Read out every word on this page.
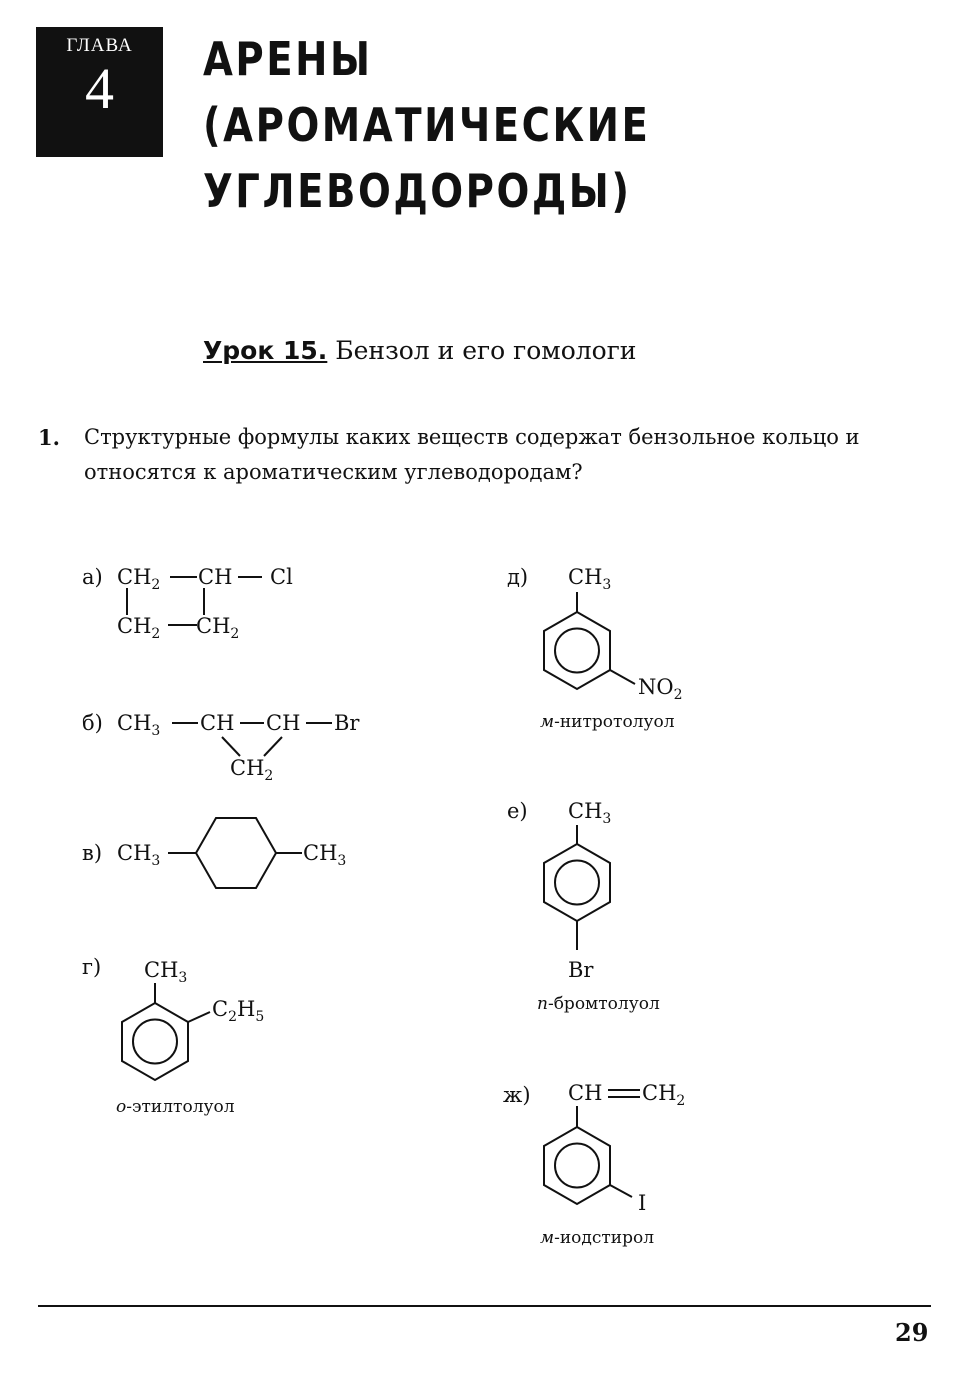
ГЛАВА
4	АРЕНЫ
(АРОМАТИЧЕСКИЕ
УГЛЕВОДОРОДЫ)
Урок 15. Бензол и его гомологи
1. Структурные формулы каких веществ содержат бензольное кольцо и относятся к ароматическим углеводородам?
а) $CH_2$ CH Cl
$CH_2$ $CH_2$
б) $CH_3$ CH CH Br
$CH_2$
в) $CH_3$	$CH_3$
г) $CH_3$
$C_2H_5$
о-этилтолуол
д) $CH_3$
$NO_2$
м-нитротолуол
е) $CH_3$
Br
п-бромтолуол
ж) CH $CH_2$
I
м-иодстирол
29
